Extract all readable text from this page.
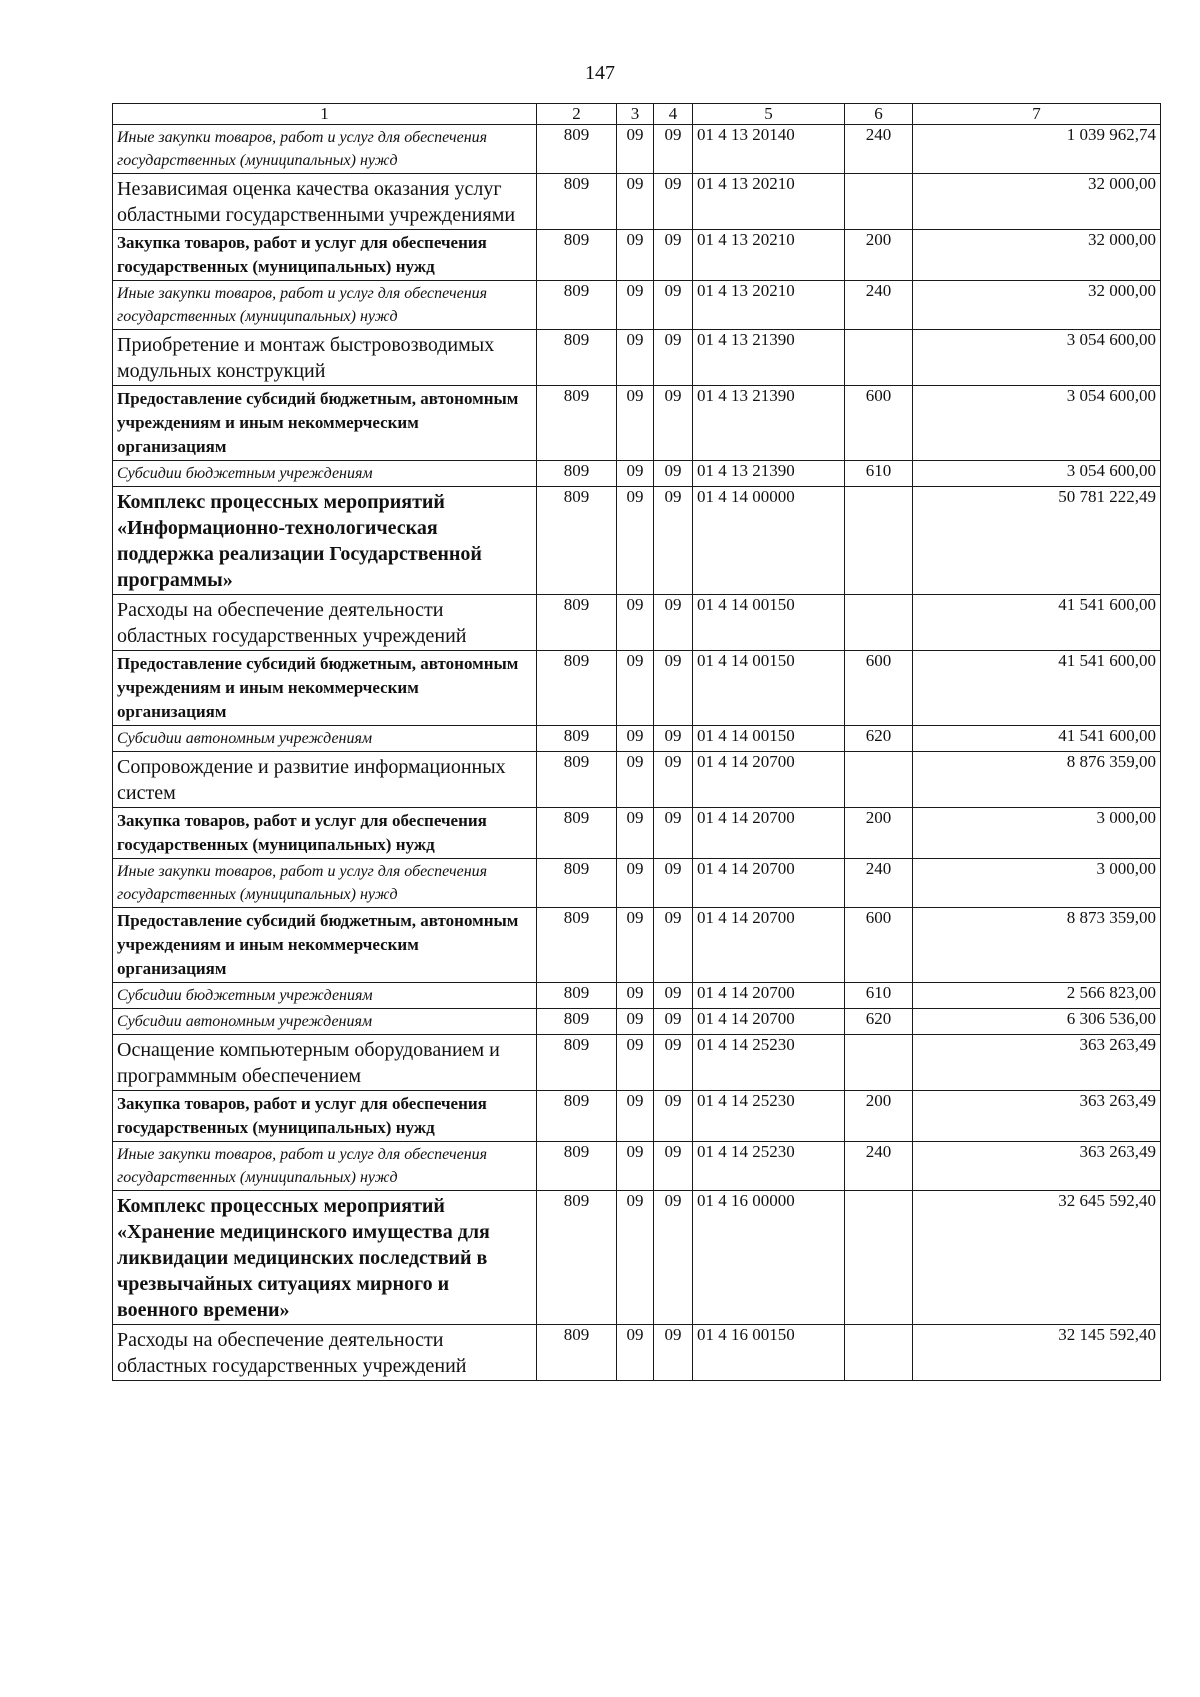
147
1	2	3	4	5	6	7

Иные закупки товаров, работ и услуг для обеспечения государственных (муниципальных) нужд	809	09	09	01 4 13 20140	240	1 039 962,74

Независимая оценка качества оказания услуг областными государственными учреждениями	809	09	09	01 4 13 20210		32 000,00

Закупка товаров, работ и услуг для обеспечения государственных (муниципальных) нужд	809	09	09	01 4 13 20210	200	32 000,00

Иные закупки товаров, работ и услуг для обеспечения государственных (муниципальных) нужд	809	09	09	01 4 13 20210	240	32 000,00

Приобретение и монтаж быстровозводимых модульных конструкций	809	09	09	01 4 13 21390		3 054 600,00

Предоставление субсидий бюджетным, автономным учреждениям и иным некоммерческим организациям	809	09	09	01 4 13 21390	600	3 054 600,00

Субсидии бюджетным учреждениям	809	09	09	01 4 13 21390	610	3 054 600,00

Комплекс процессных мероприятий «Информационно-технологическая поддержка реализации Государственной программы»	809	09	09	01 4 14 00000		50 781 222,49

Расходы на обеспечение деятельности областных государственных учреждений	809	09	09	01 4 14 00150		41 541 600,00

Предоставление субсидий бюджетным, автономным учреждениям и иным некоммерческим организациям	809	09	09	01 4 14 00150	600	41 541 600,00

Субсидии автономным учреждениям	809	09	09	01 4 14 00150	620	41 541 600,00

Сопровождение и развитие информационных систем	809	09	09	01 4 14 20700		8 876 359,00

Закупка товаров, работ и услуг для обеспечения государственных (муниципальных) нужд	809	09	09	01 4 14 20700	200	3 000,00

Иные закупки товаров, работ и услуг для обеспечения государственных (муниципальных) нужд	809	09	09	01 4 14 20700	240	3 000,00

Предоставление субсидий бюджетным, автономным учреждениям и иным некоммерческим организациям	809	09	09	01 4 14 20700	600	8 873 359,00

Субсидии бюджетным учреждениям	809	09	09	01 4 14 20700	610	2 566 823,00

Субсидии автономным учреждениям	809	09	09	01 4 14 20700	620	6 306 536,00

Оснащение компьютерным оборудованием и программным обеспечением	809	09	09	01 4 14 25230		363 263,49

Закупка товаров, работ и услуг для обеспечения государственных (муниципальных) нужд	809	09	09	01 4 14 25230	200	363 263,49

Иные закупки товаров, работ и услуг для обеспечения государственных (муниципальных) нужд	809	09	09	01 4 14 25230	240	363 263,49

Комплекс процессных мероприятий «Хранение медицинского имущества для ликвидации медицинских последствий в чрезвычайных ситуациях мирного и военного времени»	809	09	09	01 4 16 00000		32 645 592,40

Расходы на обеспечение деятельности областных государственных учреждений	809	09	09	01 4 16 00150		32 145 592,40
